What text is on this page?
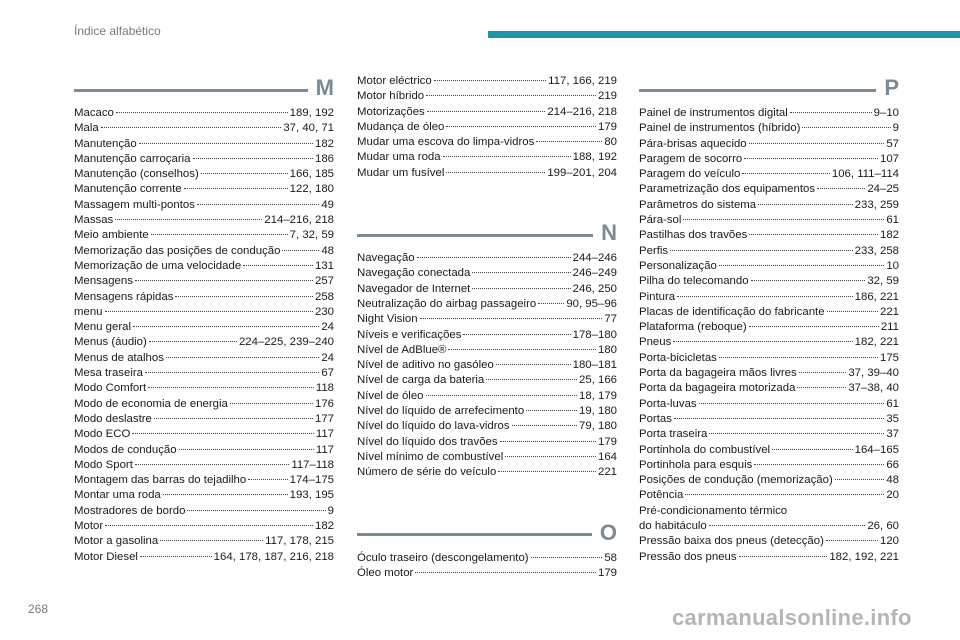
Índice alfabético
M
Macaco	189, 192
Mala	37, 40, 71
Manutenção	182
Manutenção carroçaria	186
Manutenção (conselhos)	166, 185
Manutenção corrente	122, 180
Massagem multi-pontos	49
Massas	214–216, 218
Meio ambiente	7, 32, 59
Memorização das posições de condução	48
Memorização de uma velocidade	131
Mensagens	257
Mensagens rápidas	258
menu	230
Menu geral	24
Menus (áudio)	224–225, 239–240
Menus de atalhos	24
Mesa traseira	67
Modo Comfort	118
Modo de economia de energia	176
Modo deslastre	177
Modo ECO	117
Modos de condução	117
Modo Sport	117–118
Montagem das barras do tejadilho	174–175
Montar uma roda	193, 195
Mostradores de bordo	9
Motor	182
Motor a gasolina	117, 178, 215
Motor Diesel	164, 178, 187, 216, 218
Motor eléctrico	117, 166, 219
Motor híbrido	219
Motorizações	214–216, 218
Mudança de óleo	179
Mudar uma escova do limpa-vidros	80
Mudar uma roda	188, 192
Mudar um fusível	199–201, 204
N
Navegação	244–246
Navegação conectada	246–249
Navegador de Internet	246, 250
Neutralização do airbag passageiro	90, 95–96
Night Vision	77
Níveis e verificações	178–180
Nível de AdBlue®	180
Nível de aditivo no gasóleo	180–181
Nível de carga da bateria	25, 166
Nível de óleo	18, 179
Nível do líquido de arrefecimento	19, 180
Nível do líquido do lava-vidros	79, 180
Nível do líquido dos travões	179
Nível mínimo de combustível	164
Número de série do veículo	221
O
Óculo traseiro (descongelamento)	58
Óleo motor	179
P
Painel de instrumentos digital	9–10
Painel de instrumentos (híbrido)	9
Pára-brisas aquecido	57
Paragem de socorro	107
Paragem do veículo	106, 111–114
Parametrização dos equipamentos	24–25
Parâmetros do sistema	233, 259
Pára-sol	61
Pastilhas dos travões	182
Perfis	233, 258
Personalização	10
Pilha do telecomando	32, 59
Pintura	186, 221
Placas de identificação do fabricante	221
Plataforma (reboque)	211
Pneus	182, 221
Porta-bicicletas	175
Porta da bagageira mãos livres	37, 39–40
Porta da bagageira motorizada	37–38, 40
Porta-luvas	61
Portas	35
Porta traseira	37
Portinhola do combustível	164–165
Portinhola para esquis	66
Posições de condução (memorização)	48
Potência	20
Pré-condicionamento térmico
do habitáculo	26, 60
Pressão baixa dos pneus (detecção)	120
Pressão dos pneus	182, 192, 221
268	carmanualsonline.info
